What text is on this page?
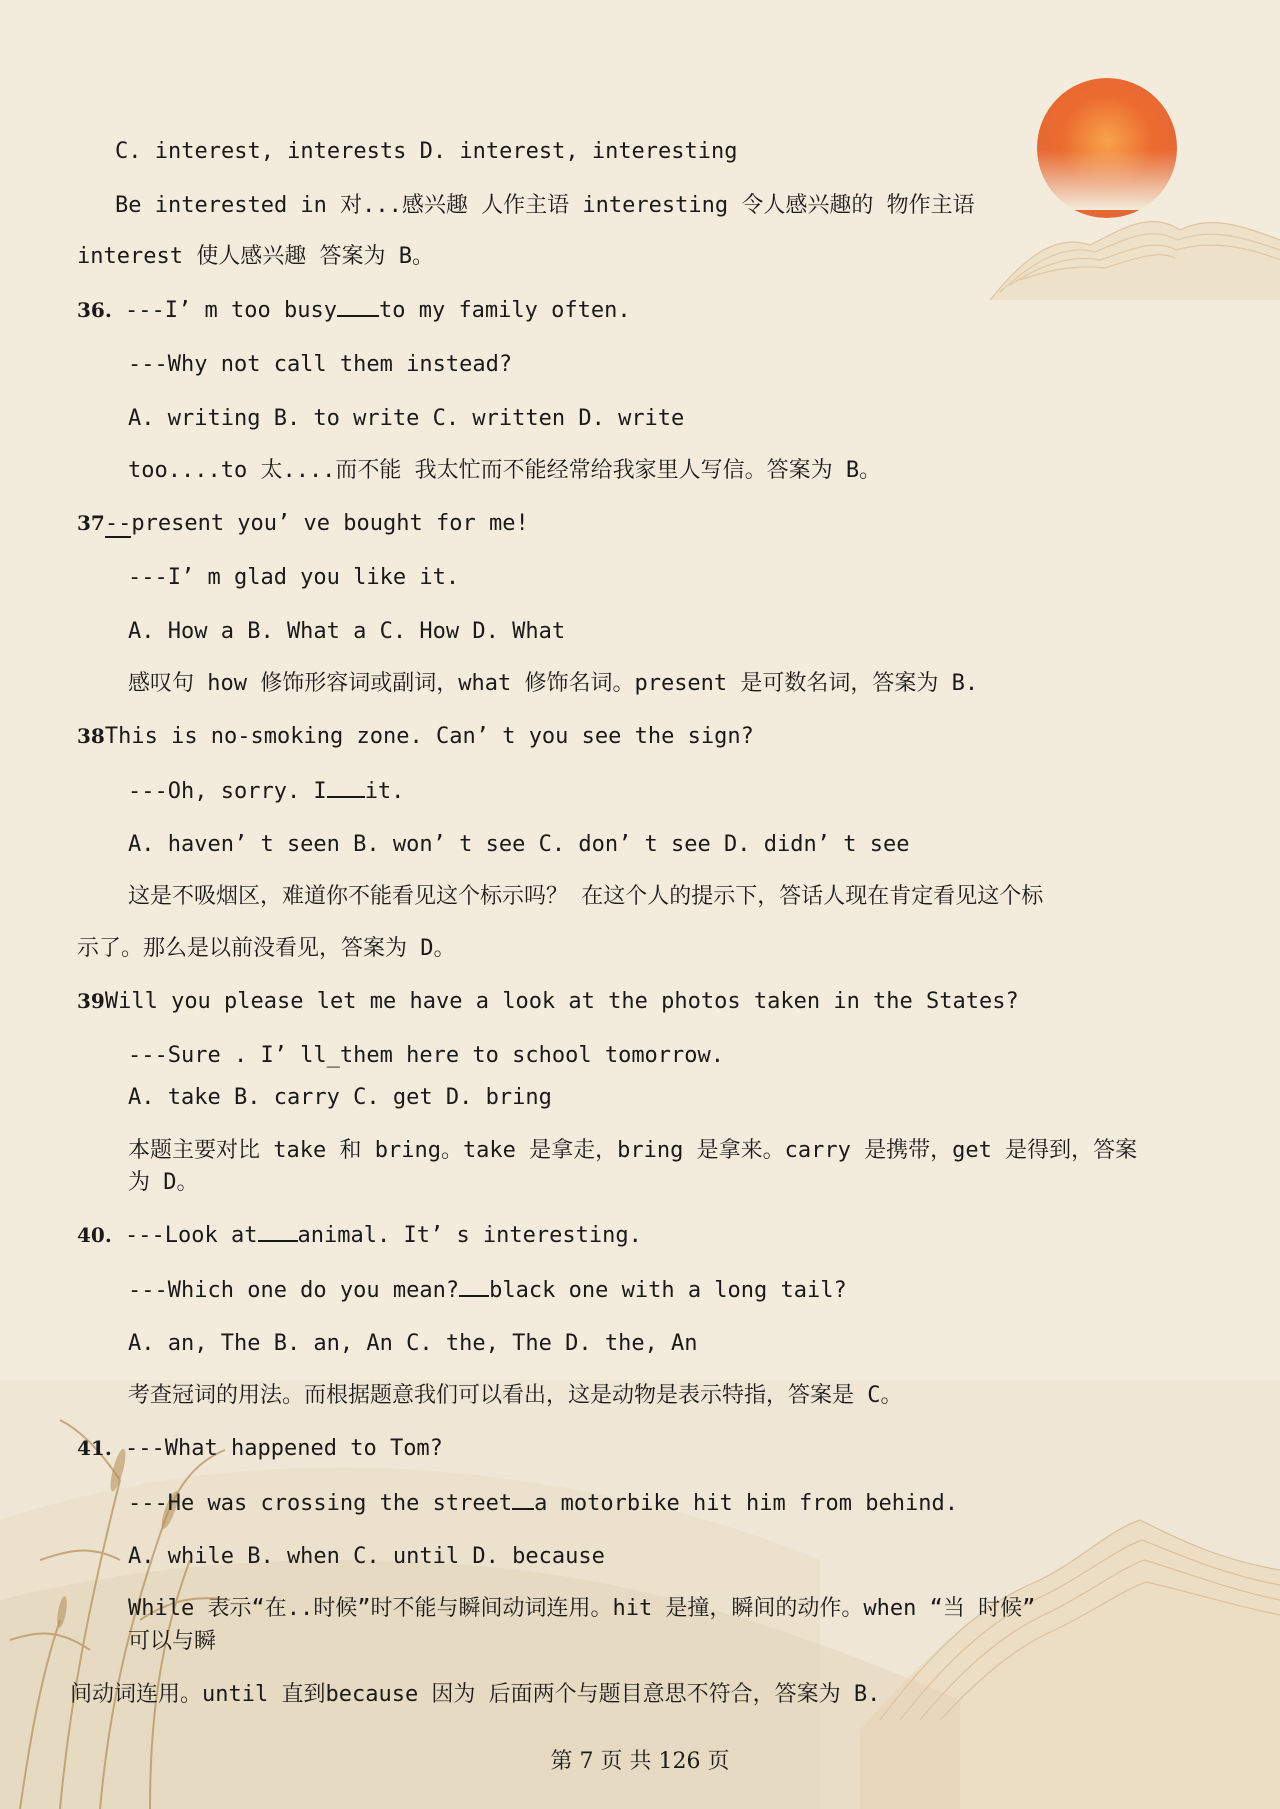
C. interest, interests D. interest, interesting
Be interested in 对...感兴趣 人作主语 interesting 令人感兴趣的 物作主语
interest 使人感兴趣 答案为 B。
36. ---I’ m too busy to my family often.
---Why not call them instead?
A. writing B. to write C. written D. write
too....to 太....而不能 我太忙而不能经常给我家里人写信。答案为 B。
37--present you’ ve bought for me!
---I’ m glad you like it.
A. How a B. What a C. How D. What
感叹句 how 修饰形容词或副词，what 修饰名词。present 是可数名词，答案为 B.
38This is no-smoking zone. Can’ t you see the sign?
---Oh, sorry. I it.
A. haven’ t seen B. won’ t see C. don’ t see D. didn’ t see
这是不吸烟区，难道你不能看见这个标示吗？ 在这个人的提示下，答话人现在肯定看见这个标
示了。那么是以前没看见，答案为 D。
39Will you please let me have a look at the photos taken in the States?
---Sure . I’ ll_them here to school tomorrow.
A. take B. carry C. get D. bring
本题主要对比 take 和 bring。take 是拿走，bring 是拿来。carry 是携带，get 是得到，答案
为 D。
40. ---Look at animal. It’ s interesting.
---Which one do you mean? black one with a long tail?
A. an, The B. an, An C. the, The D. the, An
考查冠词的用法。而根据题意我们可以看出，这是动物是表示特指，答案是 C。
41. ---What happened to Tom?
---He was crossing the street a motorbike hit him from behind.
A. while B. when C. until D. because
While 表示“在..时候”时不能与瞬间动词连用。hit 是撞，瞬间的动作。when “当 时候”
可以与瞬
间动词连用。until 直到because 因为 后面两个与题目意思不符合，答案为 B.
第 7 页 共 126 页
